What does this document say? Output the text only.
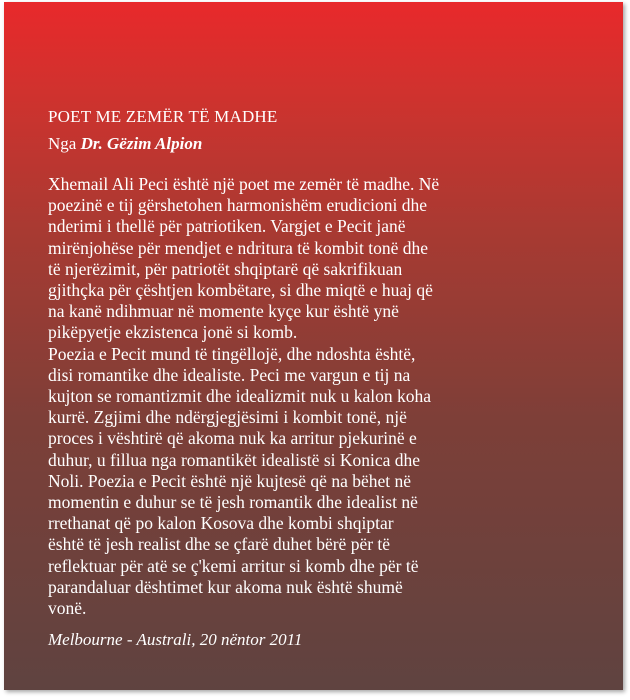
POET ME ZEMËR TË MADHE

Nga Dr. Gëzim Alpion

Xhemail Ali Peci është një poet me zemër të madhe. Në
poezinë e tij gërshetohen harmonishëm erudicioni dhe
nderimi i thellë për patriotiken. Vargjet e Pecit janë
mirënjohëse për mendjet e ndritura të kombit tonë dhe
të njerëzimit, për patriotët shqiptarë që sakrifikuan
gjithçka për çështjen kombëtare, si dhe miqtë e huaj që
na kanë ndihmuar në momente kyçe kur është ynë
pikëpyetje ekzistenca jonë si komb.

Poezia e Pecit mund të tingëllojë, dhe ndoshta është,
disi romantike dhe idealiste. Peci me vargun e tij na
kujton se romantizmit dhe idealizmit nuk u kalon koha
kurrë. Zgjimi dhe ndërgjegjësimi i kombit tonë, një
proces i vështirë që akoma nuk ka arritur pjekurinë e
duhur, u fillua nga romantikët idealistë si Konica dhe
Noli. Poezia e Pecit është një kujtesë që na bëhet në
momentin e duhur se të jesh romantik dhe idealist në
rrethanat që po kalon Kosova dhe kombi shqiptar
është të jesh realist dhe se çfarë duhet bërë për të
reflektuar për atë se ç'kemi arritur si komb dhe për të
parandaluar dështimet kur akoma nuk është shumë
vonë.

Melbourne - Australi, 20 nëntor 2011
